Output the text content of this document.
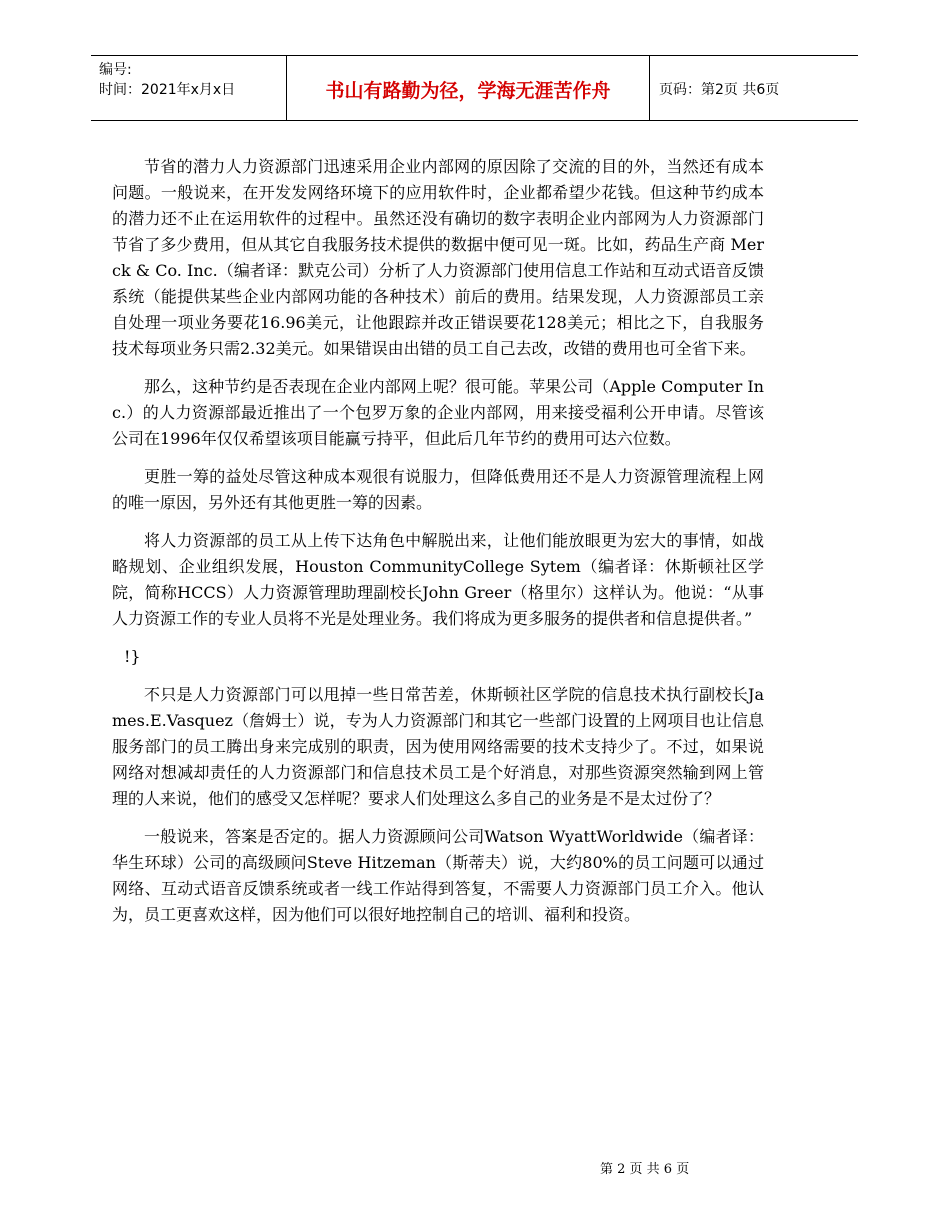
编号:
时间：2021年x月x日	书山有路勤为径，学海无涯苦作舟	页码：第2页 共6页

节省的潜力人力资源部门迅速采用企业内部网的原因除了交流的目的外，当然还有成本问题。一般说来，在开发发网络环境下的应用软件时，企业都希望少花钱。但这种节约成本的潜力还不止在运用软件的过程中。虽然还没有确切的数字表明企业内部网为人力资源部门节省了多少费用，但从其它自我服务技术提供的数据中便可见一斑。比如，药品生产商 Merck & Co. Inc.（编者译：默克公司）分析了人力资源部门使用信息工作站和互动式语音反馈系统（能提供某些企业内部网功能的各种技术）前后的费用。结果发现，人力资源部员工亲自处理一项业务要花16.96美元，让他跟踪并改正错误要花128美元；相比之下，自我服务技术每项业务只需2.32美元。如果错误由出错的员工自己去改，改错的费用也可全省下来。

那么，这种节约是否表现在企业内部网上呢？很可能。苹果公司（Apple Computer Inc.）的人力资源部最近推出了一个包罗万象的企业内部网，用来接受福利公开申请。尽管该公司在1996年仅仅希望该项目能赢亏持平，但此后几年节约的费用可达六位数。

更胜一筹的益处尽管这种成本观很有说服力，但降低费用还不是人力资源管理流程上网的唯一原因，另外还有其他更胜一筹的因素。

将人力资源部的员工从上传下达角色中解脱出来，让他们能放眼更为宏大的事情，如战略规划、企业组织发展，Houston CommunityCollege Sytem（编者译：休斯顿社区学院，简称HCCS）人力资源管理助理副校长John Greer（格里尔）这样认为。他说：“从事人力资源工作的专业人员将不光是处理业务。我们将成为更多服务的提供者和信息提供者。”

!}

不只是人力资源部门可以甩掉一些日常苦差，休斯顿社区学院的信息技术执行副校长James.E.Vasquez（詹姆士）说，专为人力资源部门和其它一些部门设置的上网项目也让信息服务部门的员工腾出身来完成别的职责，因为使用网络需要的技术支持少了。不过，如果说网络对想减却责任的人力资源部门和信息技术员工是个好消息，对那些资源突然输到网上管理的人来说，他们的感受又怎样呢？要求人们处理这么多自己的业务是不是太过份了？

一般说来，答案是否定的。据人力资源顾问公司Watson WyattWorldwide（编者译：华生环球）公司的高级顾问Steve Hitzeman（斯蒂夫）说，大约80%的员工问题可以通过网络、互动式语音反馈系统或者一线工作站得到答复，不需要人力资源部门员工介入。他认为，员工更喜欢这样，因为他们可以很好地控制自己的培训、福利和投资。

第 2 页 共 6 页
